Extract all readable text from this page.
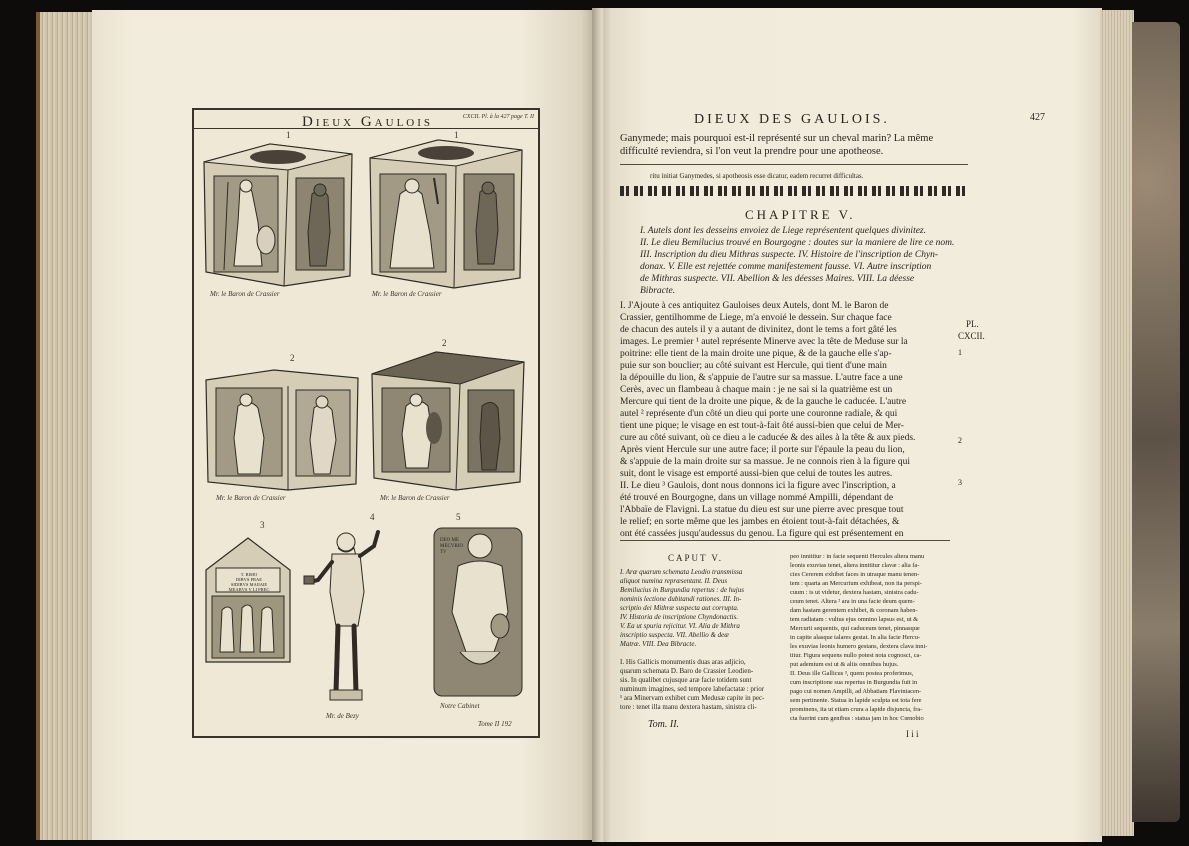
Dieux Gaulois	CXCII. Pl. à la 427 page T. II
1	1
2
2
3
4	5
Mr. le Baron de Crassier	Mr. le Baron de Crassier
Mr. le Baron de Crassier	Mr. le Baron de Crassier
T. BIMO
DIBVS PRAE
SIDIBVS MAIIAIE
MEABVS V LI PREC
Mr. de Bezy
DEO ME
MECVRIO
TV
Notre Cabinet
Tome II 192
DIEUX DES GAULOIS.	427
Ganymede; mais pourquoi est-il représenté sur un cheval marin? La même
difficulté reviendra, si l'on veut la prendre pour une apotheose.
ritu initiat Ganymedes, si apotheosis esse dicatur, eadem recurret difficultas.
CHAPITRE V.
I. Autels dont les desseins envoiez de Liege représentent quelques divinitez.
II. Le dieu Bemilucius trouvé en Bourgogne : doutes sur la maniere de lire ce nom.
III. Inscription du dieu Mithras suspecte. IV. Histoire de l'inscription de Chyn-
donax. V. Elle est rejettée comme manifestement fausse. VI. Autre inscription
de Mithras suspecte. VII. Abellion & les déesses Maires. VIII. La déesse
Bibracte.
I. J'Ajoute à ces antiquitez Gauloises deux Autels, dont M. le Baron de
Crassier, gentilhomme de Liege, m'a envoié le dessein. Sur chaque face
de chacun des autels il y a autant de divinitez, dont le tems a fort gâté les
images. Le premier ¹ autel représente Minerve avec la tête de Meduse sur la
poitrine: elle tient de la main droite une pique, & de la gauche elle s'ap-
puie sur son bouclier; au côté suivant est Hercule, qui tient d'une main
la dépouille du lion, & s'appuie de l'autre sur sa massue. L'autre face a une
Cerès, avec un flambeau à chaque main : je ne sai si la quatrième est un
Mercure qui tient de la droite une pique, & de la gauche le caducée. L'autre
autel ² représente d'un côté un dieu qui porte une couronne radiale, & qui
tient une pique; le visage en est tout-à-fait ôté aussi-bien que celui de Mer-
cure au côté suivant, où ce dieu a le caducée & des ailes à la tête & aux pieds.
Après vient Hercule sur une autre face; il porte sur l'épaule la peau du lion,
& s'appuie de la main droite sur sa massue. Je ne connois rien à la figure qui
suit, dont le visage est emporté aussi-bien que celui de toutes les autres.
II. Le dieu ³ Gaulois, dont nous donnons ici la figure avec l'inscription, a
été trouvé en Bourgogne, dans un village nommé Ampilli, dépendant de
l'Abbaïe de Flavigni. La statue du dieu est sur une pierre avec presque tout
le relief; en sorte même que les jambes en étoient tout-à-fait détachées, &
ont été cassées jusqu'audessus du genou. La figure qui est présentement en
PL.
CXCII.
1
2
3
CAPUT V.
I. Aræ quarum schemata Leodio transmissa
aliquot numina repræsentant. II. Deus
Bemilucius in Burgundia repertus : de hujus
nominis lectione dubitandi rationes. III. In-
scriptio dei Mithræ suspecta aut corrupta.
IV. Historia de inscriptione Chyndonactis.
V. Ea ut spuria rejicitur. VI. Alia de Mithra
inscriptio suspecta. VII. Abellio & deæ
Matræ. VIII. Dea Bibracte.
I. His Gallicis monumentis duas aras adjicio,
quarum schemata D. Baro de Crassier Leodien-
sis. In qualibet cujusque aræ facie totidem sunt
numinum imagines, sed tempore labefactatæ : prior
¹ ara Minervam exhibet cum Medusæ capite in pec-
tore : tenet illa manu dextera hastam, sinistra cli-
peo innititur : in facie sequenti Hercules altera manu
leonis exuvias tenet, altera innititur clavæ : alia fa-
cies Cererem exhibet faces in utraque manu tenen-
tem : quarta an Mercurium exhibeat, non ita perspi-
cuum : is ut videtur, dextera hastam, sinistra cadu-
ceum tenet. Altera ² ara in una facie deum quem-
dam hastam gerentem exhibet, & coronam haben-
tem radiatam : vultus ejus omnino lapsus est, ut &
Mercurii sequentis, qui caduceum tenet, pinnasque
in capite alasque talares gestat. In alia facie Hercu-
les exuvias leonis humero gestans, dextera clava inni-
titur. Figura sequens nullo potest nota cognosci, ca-
put ademtum est ut & aliis omnibus hujus.
II. Deus ille Gallicus ³, quem postea proferimus,
cum inscriptione sua repertus in Burgundia fuit in
pago cui nomen Ampilli, ad Abbatiam Flaviniacen-
sem pertinente. Statua in lapide sculpta est tota fere
prominens, ita ut etiam crura a lapide disjuncta, fra-
cta fuerint cum genibus : statua jam in hoc Cœnobio
Tom. II.
I i i
